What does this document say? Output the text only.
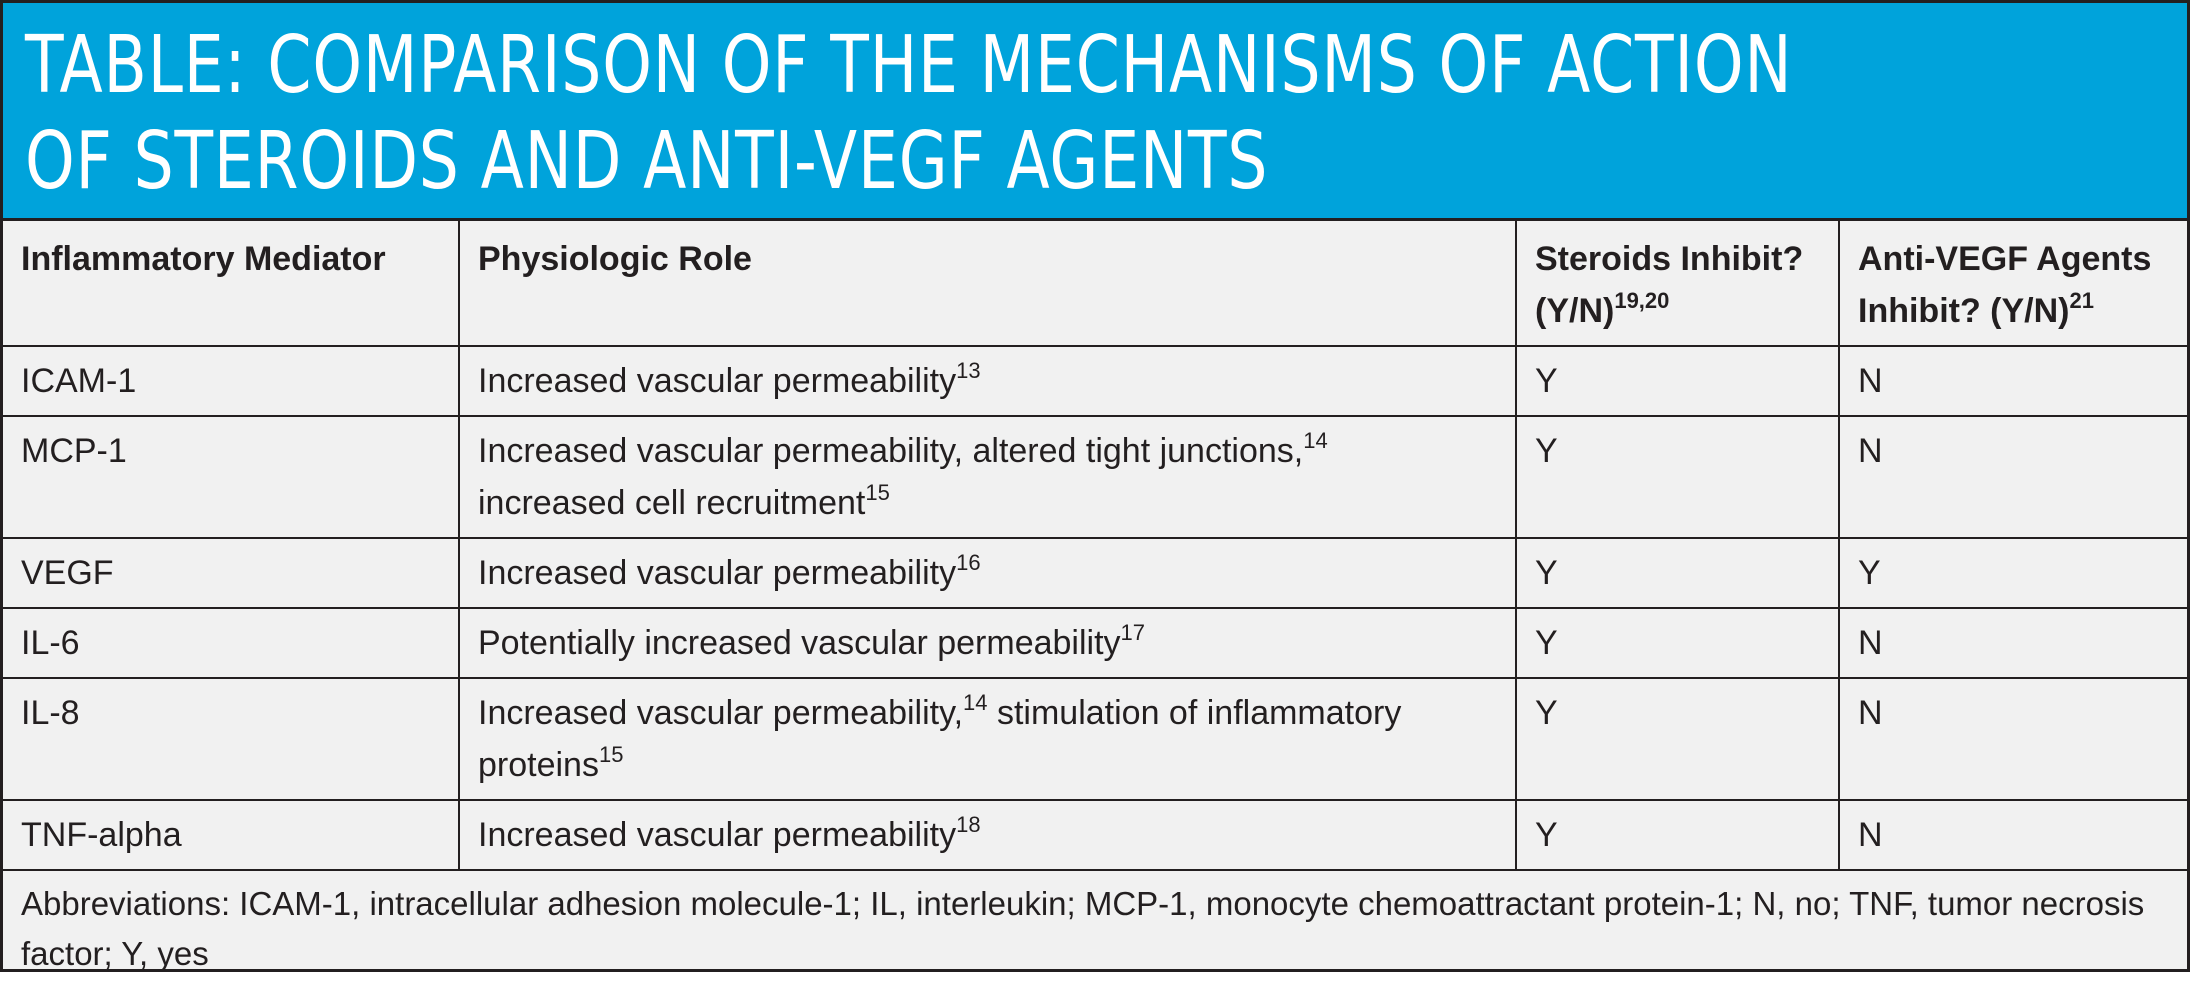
TABLE: COMPARISON OF THE MECHANISMS OF ACTION
OF STEROIDS AND ANTI-VEGF AGENTS
Inflammatory Mediator	Physiologic Role	Steroids Inhibit? $(Y/N)^{19,20}$	Anti-VEGF Agents Inhibit? $(Y/N)^{21}$
ICAM-1	Increased vascular permeability$^{13}$	Y	N
MCP-1	Increased vascular permeability, altered tight junctions,$^{14}$
increased cell recruitment$^{15}$	Y	N
VEGF	Increased vascular permeability$^{16}$	Y	Y
IL-6	Potentially increased vascular permeability$^{17}$	Y	N
IL-8	Increased vascular permeability,$^{14}$ stimulation of inflammatory proteins$^{15}$	Y	N
TNF-alpha	Increased vascular permeability$^{18}$	Y	N
Abbreviations: ICAM-1, intracellular adhesion molecule-1; IL, interleukin; MCP-1, monocyte chemoattractant protein-1; N, no; TNF, tumor necrosis factor; Y, yes
